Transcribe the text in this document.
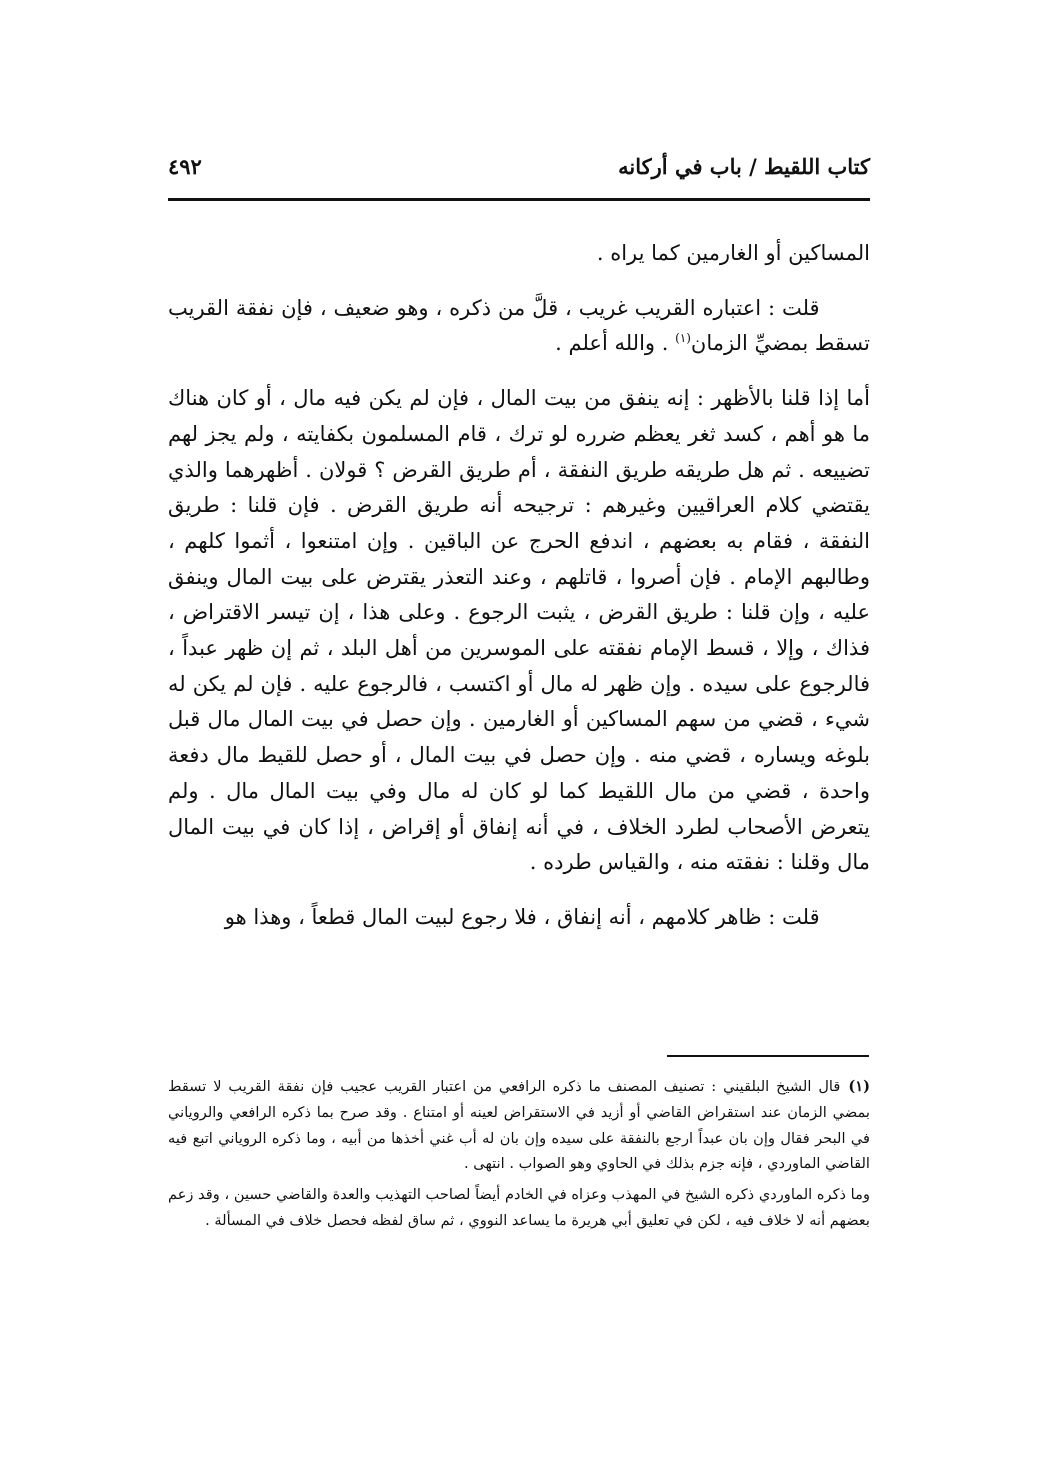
كتاب اللقيط / باب في أركانه
٤٩٢

المساكين أو الغارمين كما يراه .

قلت : اعتباره القريب غريب ، قلَّ من ذكره ، وهو ضعيف ، فإن نفقة القريب تسقط بمضيِّ الزمان$^{(١)}$ . والله أعلم .

أما إذا قلنا بالأظهر : إنه ينفق من بيت المال ، فإن لم يكن فيه مال ، أو كان هناك ما هو أهم ، كسد ثغر يعظم ضرره لو ترك ، قام المسلمون بكفايته ، ولم يجز لهم تضييعه . ثم هل طريقه طريق النفقة ، أم طريق القرض ؟ قولان . أظهرهما والذي يقتضي كلام العراقيين وغيرهم : ترجيحه أنه طريق القرض . فإن قلنا : طريق النفقة ، فقام به بعضهم ، اندفع الحرج عن الباقين . وإن امتنعوا ، أثموا كلهم ، وطالبهم الإمام . فإن أصروا ، قاتلهم ، وعند التعذر يقترض على بيت المال وينفق عليه ، وإن قلنا : طريق القرض ، يثبت الرجوع . وعلى هذا ، إن تيسر الاقتراض ، فذاك ، وإلا ، قسط الإمام نفقته على الموسرين من أهل البلد ، ثم إن ظهر عبداً ، فالرجوع على سيده . وإن ظهر له مال أو اكتسب ، فالرجوع عليه . فإن لم يكن له شيء ، قضي من سهم المساكين أو الغارمين . وإن حصل في بيت المال مال قبل بلوغه ويساره ، قضي منه . وإن حصل في بيت المال ، أو حصل للقيط مال دفعة واحدة ، قضي من مال اللقيط كما لو كان له مال وفي بيت المال مال . ولم يتعرض الأصحاب لطرد الخلاف ، في أنه إنفاق أو إقراض ، إذا كان في بيت المال مال وقلنا : نفقته منه ، والقياس طرده .

قلت : ظاهر كلامهم ، أنه إنفاق ، فلا رجوع لبيت المال قطعاً ، وهذا هو

(١)قال الشيخ البلقيني : تصنيف المصنف ما ذكره الرافعي من اعتبار القريب عجيب فإن نفقة القريب لا تسقط بمضي الزمان عند استقراض القاضي أو أزيد في الاستقراض لعينه أو امتناع . وقد صرح بما ذكره الرافعي والروياني في البحر فقال وإن بان عبداً ارجع بالنفقة على سيده وإن بان له أب غني أخذها من أبيه ، وما ذكره الروياني اتبع فيه القاضي الماوردي ، فإنه جزم بذلك في الحاوي وهو الصواب . انتهى .

وما ذكره الماوردي ذكره الشيخ في المهذب وعزاه في الخادم أيضاً لصاحب التهذيب والعدة والقاضي حسين ، وقد زعم بعضهم أنه لا خلاف فيه ، لكن في تعليق أبي هريرة ما يساعد النووي ، ثم ساق لفظه فحصل خلاف في المسألة .
